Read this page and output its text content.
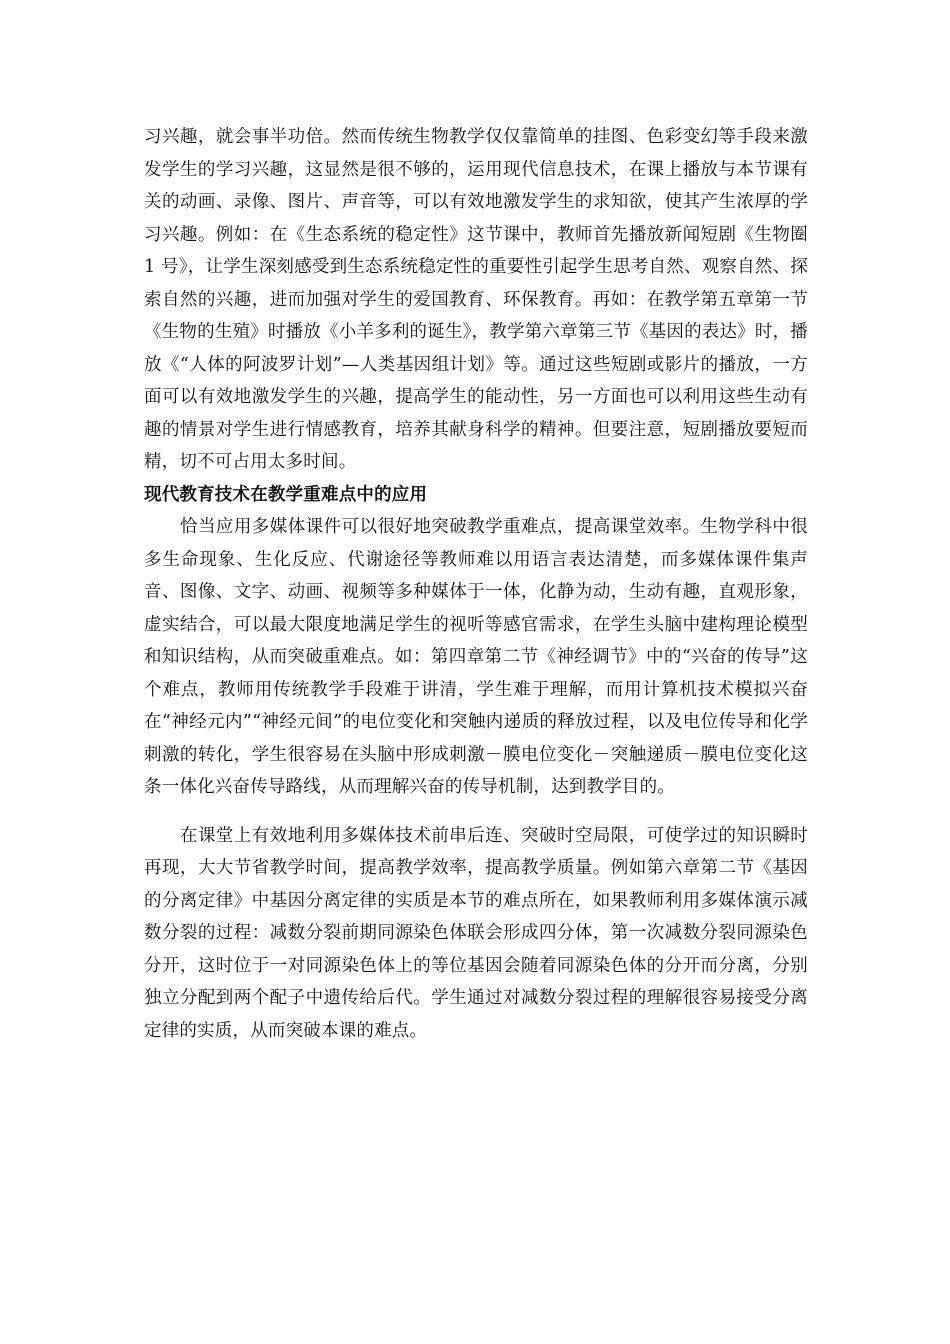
习兴趣，就会事半功倍。然而传统生物教学仅仅靠简单的挂图、色彩变幻等手段来激发学生的学习兴趣，这显然是很不够的，运用现代信息技术，在课上播放与本节课有关的动画、录像、图片、声音等，可以有效地激发学生的求知欲，使其产生浓厚的学习兴趣。例如：在《生态系统的稳定性》这节课中，教师首先播放新闻短剧《生物圈 1 号》，让学生深刻感受到生态系统稳定性的重要性引起学生思考自然、观察自然、探索自然的兴趣，进而加强对学生的爱国教育、环保教育。再如：在教学第五章第一节《生物的生殖》时播放《小羊多利的诞生》，教学第六章第三节《基因的表达》时，播放《“人体的阿波罗计划”—人类基因组计划》等。通过这些短剧或影片的播放，一方面可以有效地激发学生的兴趣，提高学生的能动性，另一方面也可以利用这些生动有趣的情景对学生进行情感教育，培养其献身科学的精神。但要注意，短剧播放要短而精，切不可占用太多时间。

现代教育技术在教学重难点中的应用

恰当应用多媒体课件可以很好地突破教学重难点，提高课堂效率。生物学科中很多生命现象、生化反应、代谢途径等教师难以用语言表达清楚，而多媒体课件集声音、图像、文字、动画、视频等多种媒体于一体，化静为动，生动有趣，直观形象，虚实结合，可以最大限度地满足学生的视听等感官需求，在学生头脑中建构理论模型和知识结构，从而突破重难点。如：第四章第二节《神经调节》中的“兴奋的传导”这个难点，教师用传统教学手段难于讲清，学生难于理解，而用计算机技术模拟兴奋在“神经元内”“神经元间”的电位变化和突触内递质的释放过程，以及电位传导和化学刺激的转化，学生很容易在头脑中形成刺激－膜电位变化－突触递质－膜电位变化这条一体化兴奋传导路线，从而理解兴奋的传导机制，达到教学目的。

在课堂上有效地利用多媒体技术前串后连、突破时空局限，可使学过的知识瞬时再现，大大节省教学时间，提高教学效率，提高教学质量。例如第六章第二节《基因的分离定律》中基因分离定律的实质是本节的难点所在，如果教师利用多媒体演示减数分裂的过程：减数分裂前期同源染色体联会形成四分体，第一次减数分裂同源染色分开，这时位于一对同源染色体上的等位基因会随着同源染色体的分开而分离，分别独立分配到两个配子中遗传给后代。学生通过对减数分裂过程的理解很容易接受分离定律的实质，从而突破本课的难点。
